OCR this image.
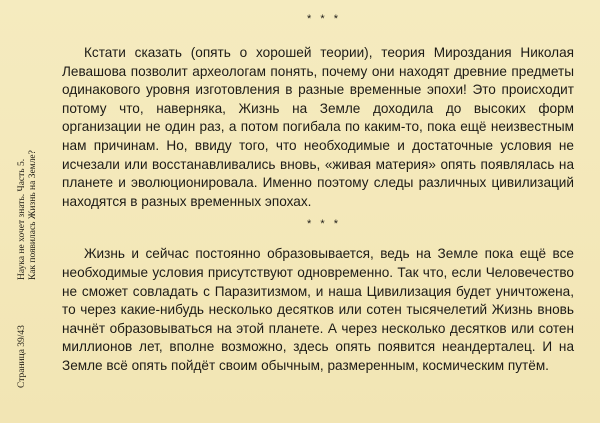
Страница 39/43
Наука не хочет знать. Часть 5. Как появилась Жизнь на Земле?
* * *

Кстати сказать (опять о хорошей теории), теория Мироздания Николая Левашова позволит археологам понять, почему они находят древние предметы одинакового уровня изготовления в разные временные эпохи! Это происходит потому что, наверняка, Жизнь на Земле доходила до высоких форм организации не один раз, а потом погибала по каким-то, пока ещё неизвестным нам причинам. Но, ввиду того, что необходимые и достаточные условия не исчезали или восстанавливались вновь, «живая материя» опять появлялась на планете и эволюционировала. Именно поэтому следы различных цивилизаций находятся в разных временных эпохах.

* * *

Жизнь и сейчас постоянно образовывается, ведь на Земле пока ещё все необходимые условия присутствуют одновременно. Так что, если Человечество не сможет совладать с Паразитизмом, и наша Цивилизация будет уничтожена, то через какие-нибудь несколько десятков или сотен тысячелетий Жизнь вновь начнёт образовываться на этой планете. А через несколько десятков или сотен миллионов лет, вполне возможно, здесь опять появится неандерталец. И на Земле всё опять пойдёт своим обычным, размеренным, космическим путём.
